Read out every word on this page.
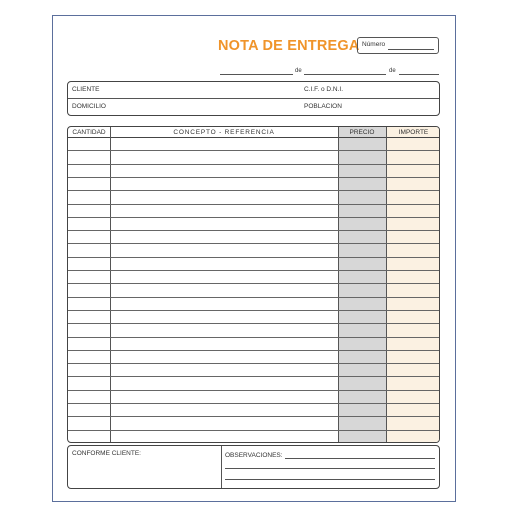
NOTA DE ENTREGA Número
de	de
CLIENTE	C.I.F. o D.N.I.
DOMICILIO	POBLACION
CANTIDAD	CONCEPTO - REFERENCIA	PRECIO	IMPORTE
CONFORME CLIENTE:	OBSERVACIONES:
